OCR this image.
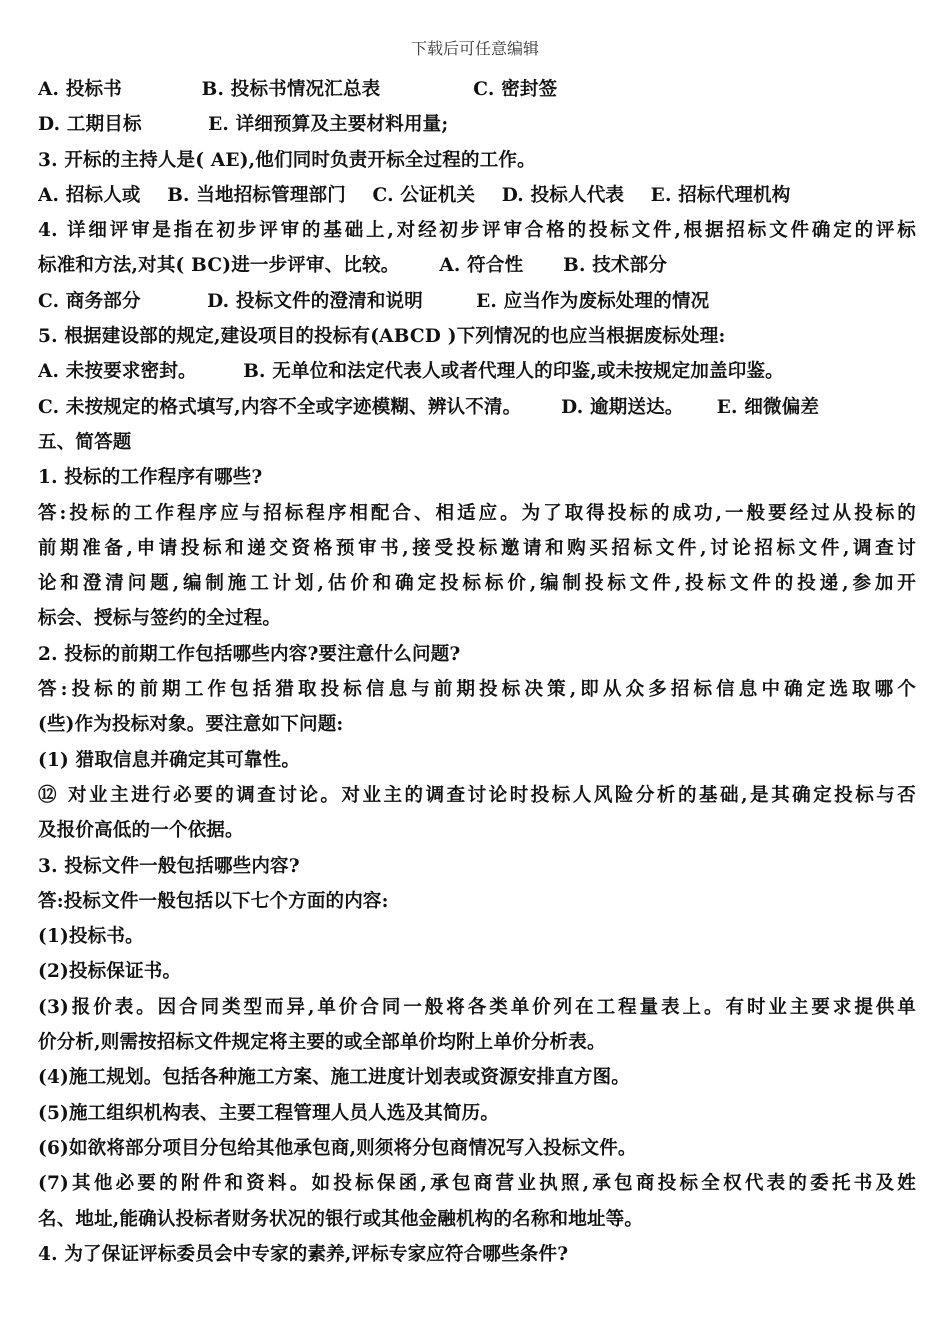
下载后可任意编辑
A. 投标书            B. 投标书情况汇总表              C. 密封签
D. 工期目标          E. 详细预算及主要材料用量;
3. 开标的主持人是( AE),他们同时负责开标全过程的工作。
A. 招标人或    B. 当地招标管理部门    C. 公证机关    D. 投标人代表    E. 招标代理机构
4. 详细评审是指在初步评审的基础上,对经初步评审合格的投标文件,根据招标文件确定的评标
标准和方法,对其( BC)进一步评审、比较。      A. 符合性      B. 技术部分
C. 商务部分          D. 投标文件的澄清和说明        E. 应当作为废标处理的情况
5. 根据建设部的规定,建设项目的投标有(ABCD )下列情况的也应当根据废标处理:
A. 未按要求密封。       B. 无单位和法定代表人或者代理人的印鉴,或未按规定加盖印鉴。
C. 未按规定的格式填写,内容不全或字迹模糊、辨认不清。      D. 逾期送达。     E. 细微偏差
五、简答题
1. 投标的工作程序有哪些?
答:投标的工作程序应与招标程序相配合、相适应。为了取得投标的成功,一般要经过从投标的
前期准备,申请投标和递交资格预审书,接受投标邀请和购买招标文件,讨论招标文件,调查讨
论和澄清问题,编制施工计划,估价和确定投标标价,编制投标文件,投标文件的投递,参加开
标会、授标与签约的全过程。
2. 投标的前期工作包括哪些内容?要注意什么问题?
答:投标的前期工作包括猎取投标信息与前期投标决策,即从众多招标信息中确定选取哪个
(些)作为投标对象。要注意如下问题:
(1) 猎取信息并确定其可靠性。
⑫ 对业主进行必要的调查讨论。对业主的调查讨论时投标人风险分析的基础,是其确定投标与否
及报价高低的一个依据。
3. 投标文件一般包括哪些内容?
答:投标文件一般包括以下七个方面的内容:
(1)投标书。
(2)投标保证书。
(3)报价表。因合同类型而异,单价合同一般将各类单价列在工程量表上。有时业主要求提供单
价分析,则需按招标文件规定将主要的或全部单价均附上单价分析表。
(4)施工规划。包括各种施工方案、施工进度计划表或资源安排直方图。
(5)施工组织机构表、主要工程管理人员人选及其简历。
(6)如欲将部分项目分包给其他承包商,则须将分包商情况写入投标文件。
(7)其他必要的附件和资料。如投标保函,承包商营业执照,承包商投标全权代表的委托书及姓
名、地址,能确认投标者财务状况的银行或其他金融机构的名称和地址等。
4. 为了保证评标委员会中专家的素养,评标专家应符合哪些条件?
